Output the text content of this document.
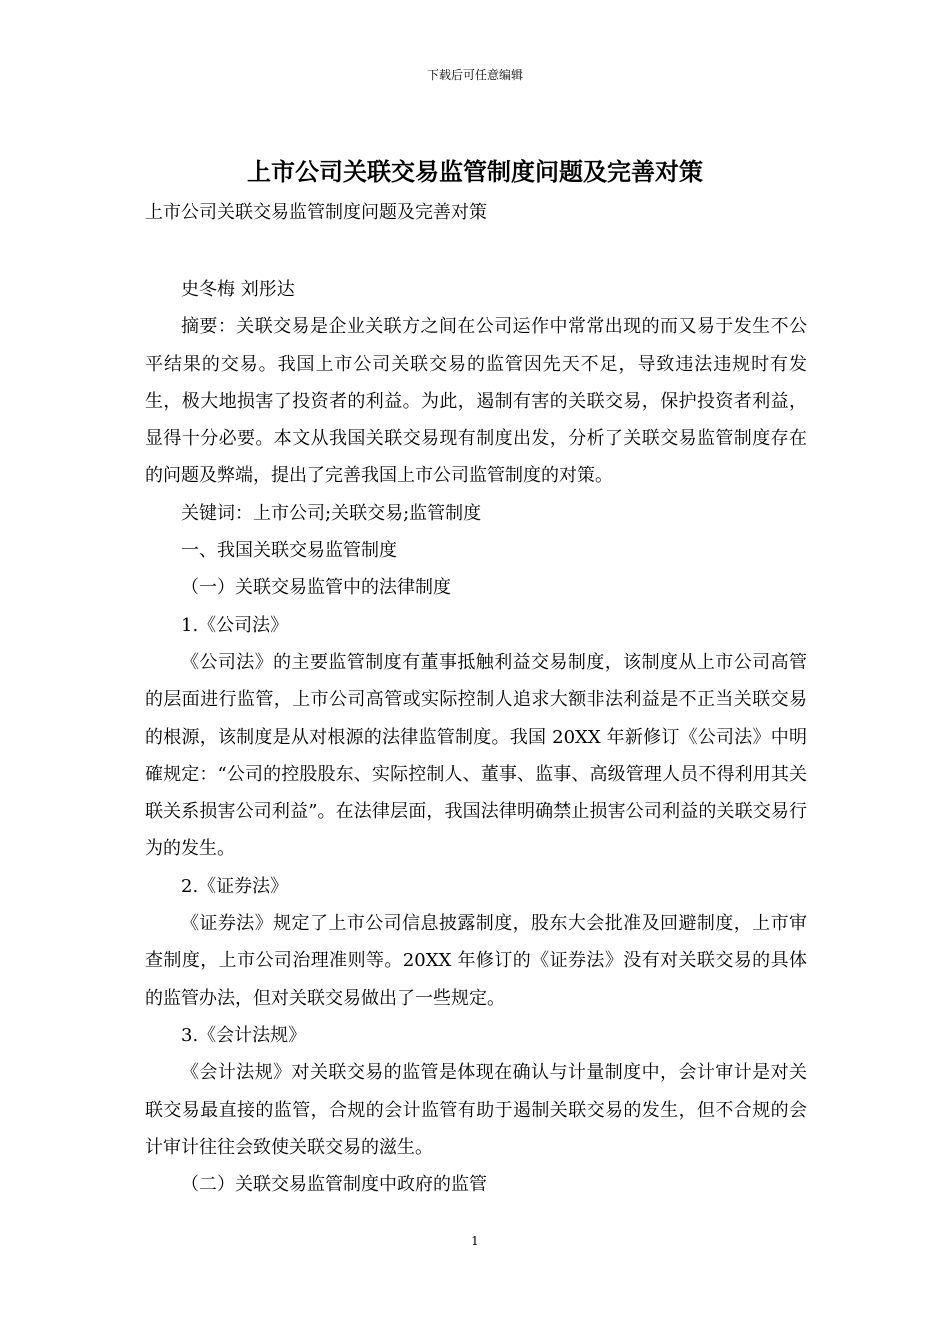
下载后可任意编辑
上市公司关联交易监管制度问题及完善对策
上市公司关联交易监管制度问题及完善对策

史冬梅 刘彤达

摘要：关联交易是企业关联方之间在公司运作中常常出现的而又易于发生不公平结果的交易。我国上市公司关联交易的监管因先天不足，导致违法违规时有发生，极大地损害了投资者的利益。为此，遏制有害的关联交易，保护投资者利益，显得十分必要。本文从我国关联交易现有制度出发，分析了关联交易监管制度存在的问题及弊端，提出了完善我国上市公司监管制度的对策。

关键词：上市公司;关联交易;监管制度

一、我国关联交易监管制度

（一）关联交易监管中的法律制度

1.《公司法》

《公司法》的主要监管制度有董事抵触利益交易制度，该制度从上市公司高管的层面进行监管，上市公司高管或实际控制人追求大额非法利益是不正当关联交易的根源，该制度是从对根源的法律监管制度。我国 20XX 年新修订《公司法》中明確规定：“公司的控股股东、实际控制人、董事、监事、高级管理人员不得利用其关联关系损害公司利益”。在法律层面，我国法律明确禁止损害公司利益的关联交易行为的发生。

2.《证券法》

《证券法》规定了上市公司信息披露制度，股东大会批准及回避制度，上市审查制度，上市公司治理准则等。20XX 年修订的《证券法》没有对关联交易的具体的监管办法，但对关联交易做出了一些规定。

3.《会计法规》

《会计法规》对关联交易的监管是体现在确认与计量制度中，会计审计是对关联交易最直接的监管，合规的会计监管有助于遏制关联交易的发生，但不合规的会计审计往往会致使关联交易的滋生。

（二）关联交易监管制度中政府的监管

1
